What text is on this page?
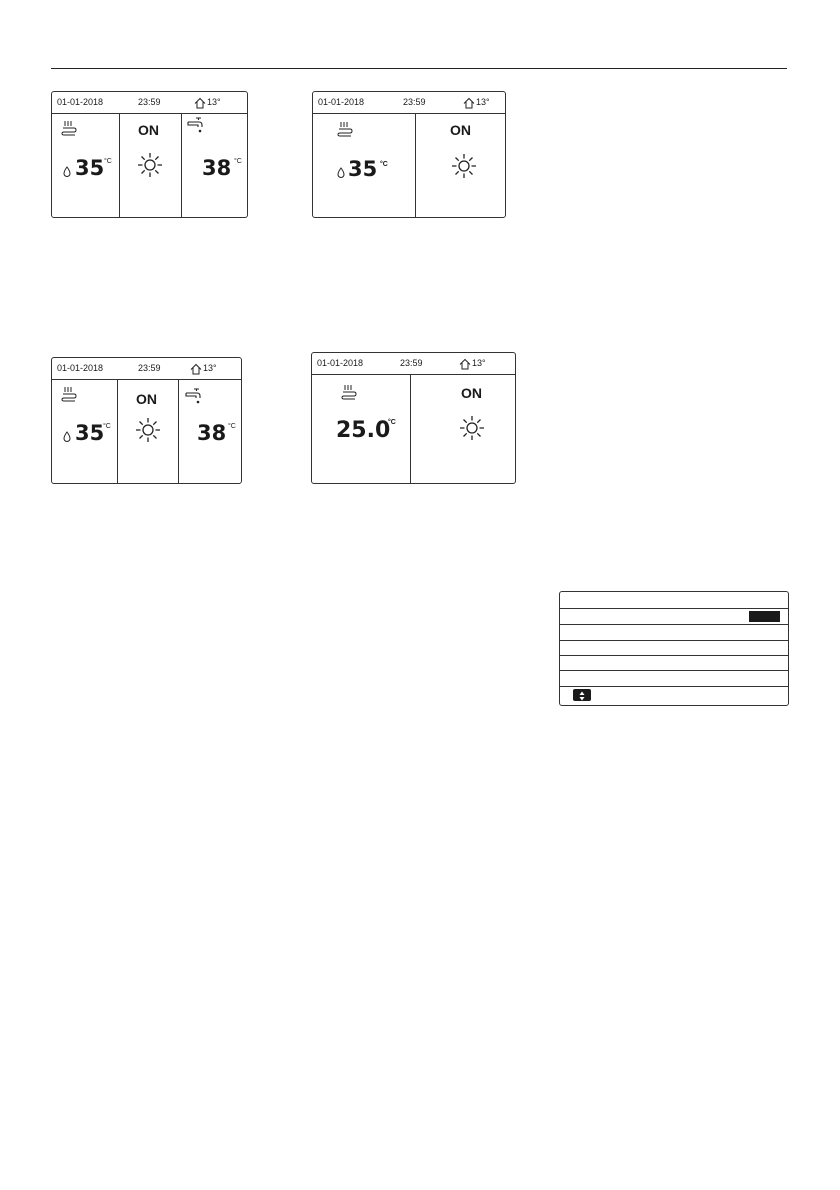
01-01-2018	23:59	13°
35 °C
ON
38 °C
01-01-2018	23:59	13°
35 °C
ON
01-01-2018	23:59	13°
35
°C
ON
38 °C
01-01-2018	23:59	13°
25.0
°C
ON
